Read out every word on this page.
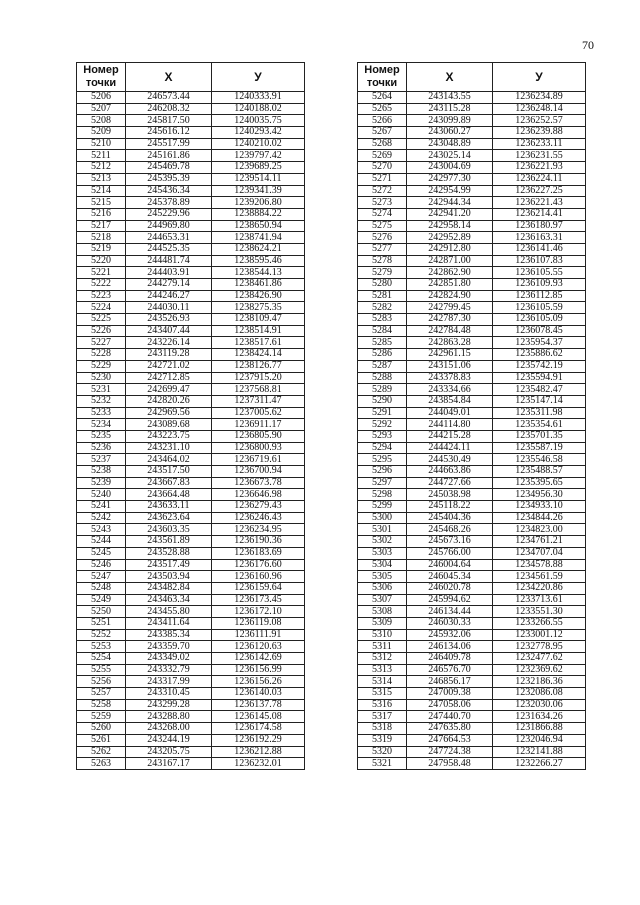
70
Номер точки	X	У
5206	246573.44	1240333.91
5207	246208.32	1240188.02
5208	245817.50	1240035.75
5209	245616.12	1240293.42
5210	245517.99	1240210.02
5211	245161.86	1239797.42
5212	245469.78	1239689.25
5213	245395.39	1239514.11
5214	245436.34	1239341.39
5215	245378.89	1239206.80
5216	245229.96	1238884.22
5217	244969.80	1238650.94
5218	244653.31	1238741.94
5219	244525.35	1238624.21
5220	244481.74	1238595.46
5221	244403.91	1238544.13
5222	244279.14	1238461.86
5223	244246.27	1238426.90
5224	244030.11	1238275.35
5225	243526.93	1238109.47
5226	243407.44	1238514.91
5227	243226.14	1238517.61
5228	243119.28	1238424.14
5229	242721.02	1238126.77
5230	242712.85	1237915.20
5231	242699.47	1237568.81
5232	242820.26	1237311.47
5233	242969.56	1237005.62
5234	243089.68	1236911.17
5235	243223.75	1236805.90
5236	243231.10	1236800.93
5237	243464.02	1236719.61
5238	243517.50	1236700.94
5239	243667.83	1236673.78
5240	243664.48	1236646.98
5241	243633.11	1236279.43
5242	243623.64	1236246.43
5243	243603.35	1236234.95
5244	243561.89	1236190.36
5245	243528.88	1236183.69
5246	243517.49	1236176.60
5247	243503.94	1236160.96
5248	243482.84	1236159.64
5249	243463.34	1236173.45
5250	243455.80	1236172.10
5251	243411.64	1236119.08
5252	243385.34	1236111.91
5253	243359.70	1236120.63
5254	243349.02	1236142.69
5255	243332.79	1236156.99
5256	243317.99	1236156.26
5257	243310.45	1236140.03
5258	243299.28	1236137.78
5259	243288.80	1236145.08
5260	243268.00	1236174.58
5261	243244.19	1236192.29
5262	243205.75	1236212.88
5263	243167.17	1236232.01
Номер точки	X	У
5264	243143.55	1236234.89
5265	243115.28	1236248.14
5266	243099.89	1236252.57
5267	243060.27	1236239.88
5268	243048.89	1236233.11
5269	243025.14	1236231.55
5270	243004.69	1236221.93
5271	242977.30	1236224.11
5272	242954.99	1236227.25
5273	242944.34	1236221.43
5274	242941.20	1236214.41
5275	242958.14	1236180.97
5276	242952.89	1236163.31
5277	242912.80	1236141.46
5278	242871.00	1236107.83
5279	242862.90	1236105.55
5280	242851.80	1236109.93
5281	242824.90	1236112.85
5282	242799.45	1236105.59
5283	242787.30	1236105.09
5284	242784.48	1236078.45
5285	242863.28	1235954.37
5286	242961.15	1235886.62
5287	243151.06	1235742.19
5288	243378.83	1235594.91
5289	243334.66	1235482.47
5290	243854.84	1235147.14
5291	244049.01	1235311.98
5292	244114.80	1235354.61
5293	244215.28	1235701.35
5294	244424.11	1235587.19
5295	244530.49	1235546.58
5296	244663.86	1235488.57
5297	244727.66	1235395.65
5298	245038.98	1234956.30
5299	245118.22	1234933.10
5300	245404.36	1234844.26
5301	245468.26	1234823.00
5302	245673.16	1234761.21
5303	245766.00	1234707.04
5304	246004.64	1234578.88
5305	246045.34	1234561.59
5306	246020.78	1234220.86
5307	245994.62	1233713.61
5308	246134.44	1233551.30
5309	246030.33	1233266.55
5310	245932.06	1233001.12
5311	246134.06	1232778.95
5312	246409.78	1232477.62
5313	246576.70	1232369.62
5314	246856.17	1232186.36
5315	247009.38	1232086.08
5316	247058.06	1232030.06
5317	247440.70	1231634.26
5318	247635.80	1231866.88
5319	247664.53	1232046.94
5320	247724.38	1232141.88
5321	247958.48	1232266.27
